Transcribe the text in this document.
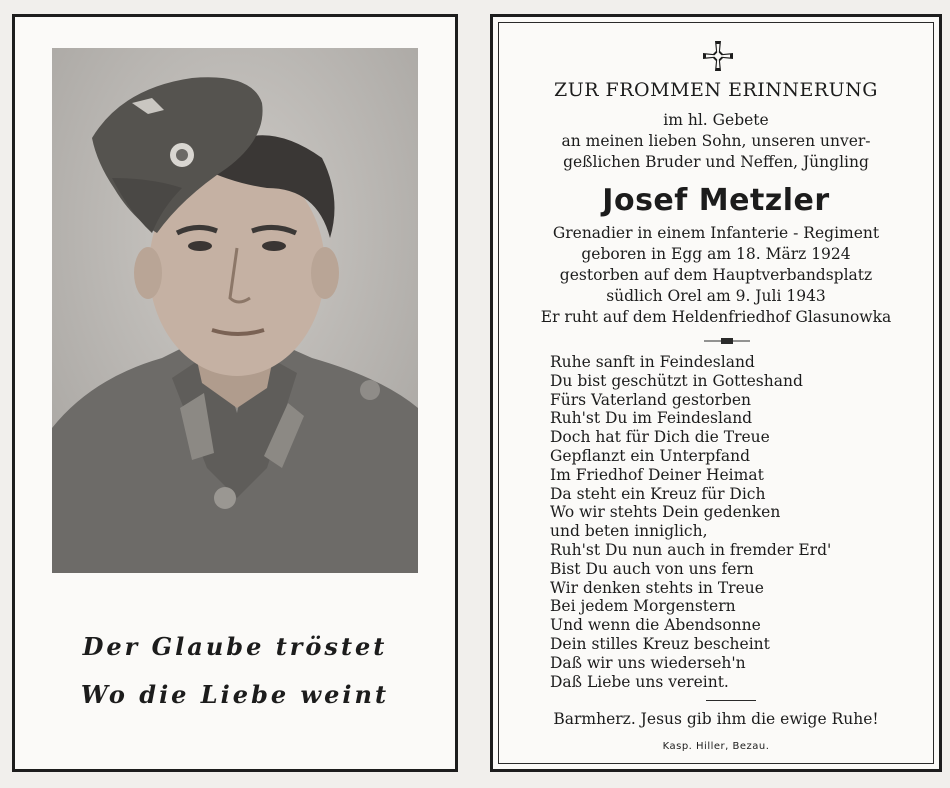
Der Glaube tröstet
Wo die Liebe weint
ZUR FROMMEN ERINNERUNG
im hl. Gebete
an meinen lieben Sohn, unseren unver-
geßlichen Bruder und Neffen, Jüngling
Josef Metzler
Grenadier in einem Infanterie - Regiment
geboren in Egg am 18. März 1924
gestorben auf dem Hauptverbandsplatz
südlich Orel am 9. Juli 1943
Er ruht auf dem Heldenfriedhof Glasunowka
Ruhe sanft in Feindesland
Du bist geschützt in Gotteshand
Fürs Vaterland gestorben
Ruh'st Du im Feindesland
Doch hat für Dich die Treue
Gepflanzt ein Unterpfand
Im Friedhof Deiner Heimat
Da steht ein Kreuz für Dich
Wo wir stehts Dein gedenken
und beten inniglich,
Ruh'st Du nun auch in fremder Erd'
Bist Du auch von uns fern
Wir denken stehts in Treue
Bei jedem Morgenstern
Und wenn die Abendsonne
Dein stilles Kreuz bescheint
Daß wir uns wiederseh'n
Daß Liebe uns vereint.
Barmherz. Jesus gib ihm die ewige Ruhe!
Kasp. Hiller, Bezau.
